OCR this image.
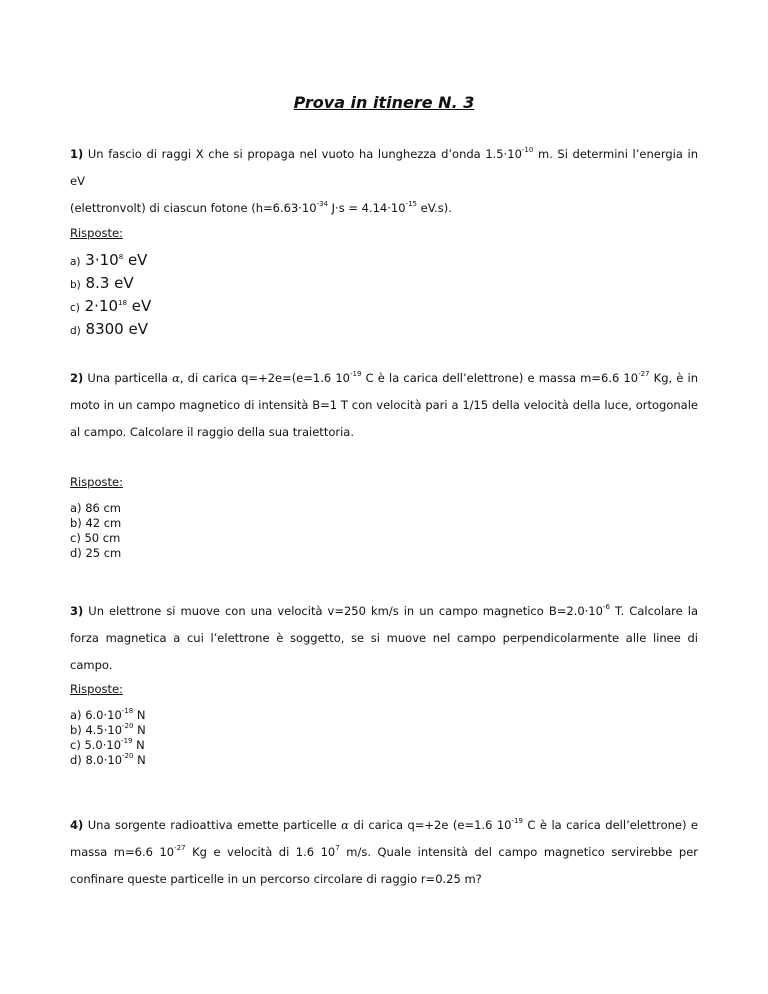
Prova in itinere N. 3

1) Un fascio di raggi X che si propaga nel vuoto ha lunghezza d’onda $1.5\cdot 10^{-10}$ m. Si determini l’energia in eV
(elettronvolt) di ciascun fotone ($h=6.63\cdot 10^{-34}$ $J\cdot s = 4.14\cdot 10^{-15}$ eV.s).

Risposte:

a) $3\cdot 10^8$ eV
b) 8.3 eV
c) $2\cdot 10^{18}$ eV
d) 8300 eV

2) Una particella α, di carica q=+2e=(e=1.6 $10^{-19}$ C è la carica dell’elettrone) e massa m=6.6 $10^{-27}$ Kg, è in moto in un campo magnetico di intensità B=1 T con velocità pari a 1/15 della velocità della luce, ortogonale al campo. Calcolare il raggio della sua traiettoria.

Risposte:

a) 86 cm
b) 42 cm
c) 50 cm
d) 25 cm

3) Un elettrone si muove con una velocità v=250 km/s in un campo magnetico $B=2.0\cdot 10^{-6}$ T. Calcolare la forza magnetica a cui l’elettrone è soggetto, se si muove nel campo perpendicolarmente alle linee di campo.

Risposte:

a) $6.0\cdot 10^{-18}$ N
b) $4.5\cdot 10^{-20}$ N
c) $5.0\cdot 10^{-19}$ N
d) $8.0\cdot 10^{-20}$ N

4) Una sorgente radioattiva emette particelle α di carica q=+2e (e=1.6 $10^{-19}$ C è la carica dell’elettrone) e massa m=6.6 $10^{-27}$ Kg e velocità di 1.6 $10^7$ m/s. Quale intensità del campo magnetico servirebbe per confinare queste particelle in un percorso circolare di raggio r=0.25 m?
